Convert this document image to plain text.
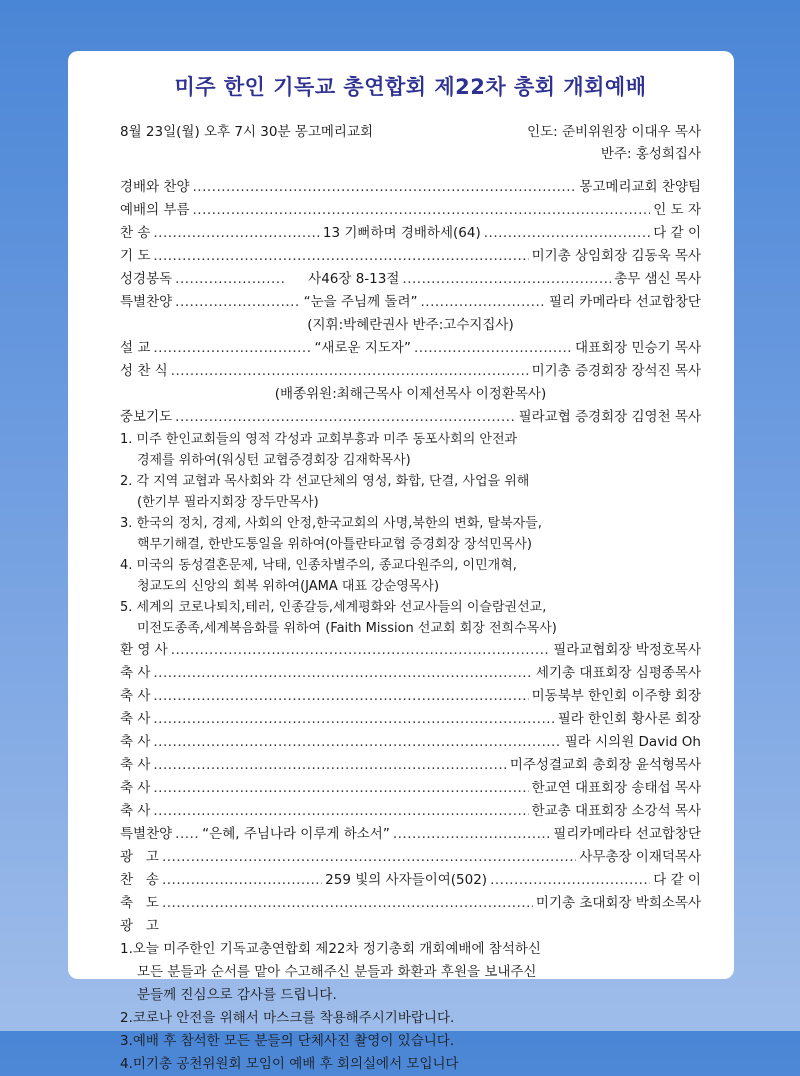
미주 한인 기독교 총연합회 제22차 총회 개회예배
8월 23일(월) 오후 7시 30분 몽고메리교회	인도: 준비위원장 이대우 목사
반주: 홍성희집사
경배와 찬양 .....	몽고메리교회 찬양팀
예배의 부름 .....	인 도 자
찬 송 .....	13 기뻐하며 경배하세(64) .....	다 같 이
기 도 .....	미기총 상임회장 김동욱 목사
성경봉독 .....	사46장 8-13절 .....	총무 샘신 목사
특별찬양 .....	“눈을 주님께 돌려” .....	필리 카메라타 선교합창단
(지휘:박혜란권사 반주:고수지집사)
설 교 .....	“새로운 지도자” .....	대표회장 민승기 목사
성 찬 식 .....	미기총 증경회장 장석진 목사
(배종위원:최해근목사 이제선목사 이정환목사)
중보기도 .....	필라교협 증경회장 김영천 목사
1. 미주 한인교회들의 영적 각성과 교회부흥과 미주 동포사회의 안전과
경제를 위하여(워싱턴 교협증경회장 김재학목사)
2. 각 지역 교협과 목사회와 각 선교단체의 영성, 화합, 단결, 사업을 위해
(한기부 필라지회장 장두만목사)
3. 한국의 정치, 경제, 사회의 안정,한국교회의 사명,북한의 변화, 탈북자들,
핵무기해결, 한반도통일을 위하여(아틀란타교협 증경회장 장석민목사)
4. 미국의 동성결혼문제, 낙태, 인종차별주의, 종교다원주의, 이민개혁,
청교도의 신앙의 회복 위하여(JAMA 대표 강순영목사)
5. 세계의 코로나퇴치,테러, 인종갈등,세계평화와 선교사들의 이슬람권선교,
미전도종족,세계복음화를 위하여 (Faith Mission 선교회 회장 전희수목사)
환 영 사 .....	필라교협회장 박정호목사
축 사 .....	세기총 대표회장 심평종목사
축 사 .....	미동북부 한인회 이주향 회장
축 사 .....	필라 한인회 황사론 회장
축 사 .....	필라 시의원 David Oh
축 사 .....	미주성결교회 총회장 윤석형목사
축 사 .....	한교연 대표회장 송태섭 목사
축 사 .....	한교총 대표회장 소강석 목사
특별찬양 ..... “은혜, 주님나라 이루게 하소서” .....	필리카메라타 선교합창단
광   고 .....	사무총장 이재덕목사
찬   송 .....	259 빛의 사자들이여(502) .....	다 같 이
축   도 .....	미기총 초대회장 박희소목사
광   고
1.오늘 미주한인 기독교총연합회 제22차 정기총회 개회예배에 참석하신
모든 분들과 순서를 맡아 수고해주신 분들과 화환과 후원을 보내주신
분들께 진심으로 감사를 드립니다.
2.코로나 안전을 위해서 마스크를 착용해주시기바랍니다.
3.예배 후 참석한 모든 분들의 단체사진 촬영이 있습니다.
4.미기총 공천위원회 모임이 예배 후 회의실에서 모입니다
